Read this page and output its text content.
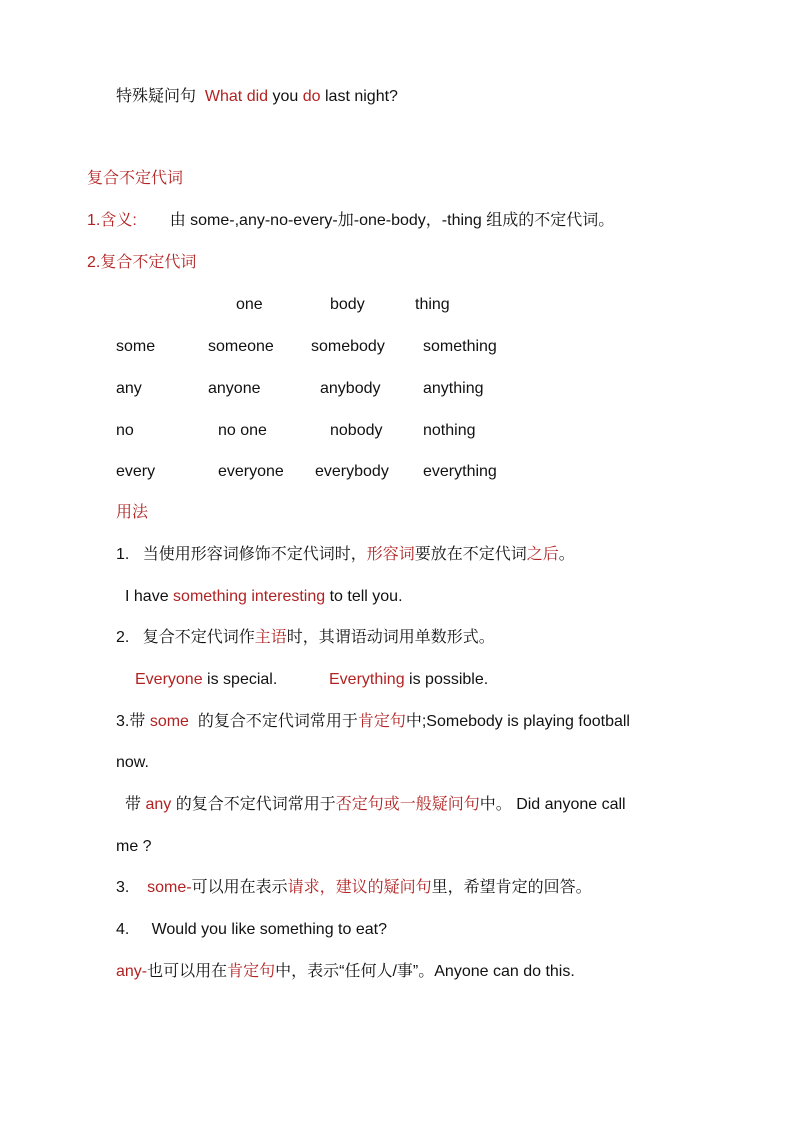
特殊疑问句 What did you do last night?
复合不定代词
1.含义: 由 some-,any-no-every-加-one-body，-thing 组成的不定代词。
2.复合不定代词
one	body	thing
some	someone somebody something
any	anyone	anybody	anything
no	no one	nobody	nothing
every	everyone everybody everything
用法
1. 当使用形容词修饰不定代词时，形容词要放在不定代词之后。
I have something interesting to tell you.
2. 复合不定代词作主语时，其谓语动词用单数形式。
Everyone is special.	Everything is possible.
3.带 some 的复合不定代词常用于肯定句中;Somebody is playing football
now.
带 any 的复合不定代词常用于否定句或一般疑问句中。 Did anyone call
me ?
3. some-可以用在表示请求，建议的疑问句里，希望肯定的回答。
4. Would you like something to eat?
any-也可以用在肯定句中，表示“任何人/事”。Anyone can do this.
